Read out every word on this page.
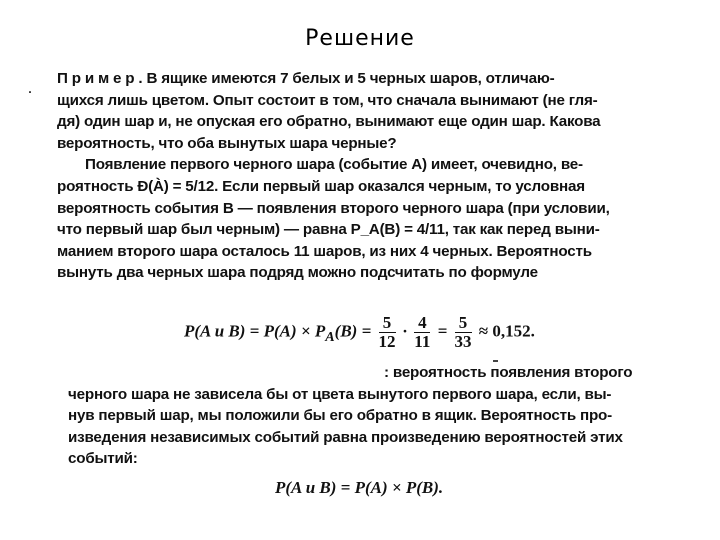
Решение
.
П р и м е р . В ящике имеются 7 белых и 5 черных шаров, отличаю-
щихся лишь цветом. Опыт состоит в том, что сначала вынимают (не гля-
дя) один шар и, не опуская его обратно, вынимают еще один шар. Какова
вероятность, что оба вынутых шара черные?
Появление первого черного шара (событие A) имеет, очевидно, ве-
роятность Ð(À) = 5/12. Если первый шар оказался черным, то условная
вероятность события B — появления второго черного шара (при условии,
что первый шар был черным) — равна P_A(B) = 4/11, так как перед выни-
манием второго шара осталось 11 шаров, из них 4 черных. Вероятность
вынуть два черных шара подряд можно подсчитать по формуле
P(A и $B) = P(A) \times P_A(B) = \frac{5}{12} \cdot \frac{4}{11} = \frac{5}{33} \approx 0,152$.
: вероятность появления второго
черного шара не зависела бы от цвета вынутого первого шара, если, вы-
нув первый шар, мы положили бы его обратно в ящик. Вероятность про-
изведения независимых событий равна произведению вероятностей этих
событий:
P(A и B) = P(A) × P(B).
